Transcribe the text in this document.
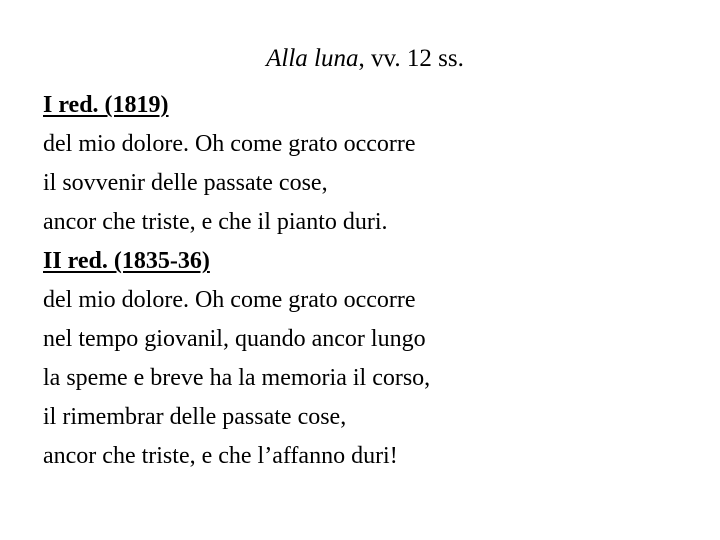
Alla luna, vv. 12 ss.
I red. (1819)
del mio dolore. Oh come grato occorre
il sovvenir delle passate cose,
ancor che triste, e che il pianto duri.
II red. (1835-36)
del mio dolore. Oh come grato occorre
nel tempo giovanil, quando ancor lungo
la speme e breve ha la memoria il corso,
il rimembrar delle passate cose,
ancor che triste, e che l’affanno duri!
